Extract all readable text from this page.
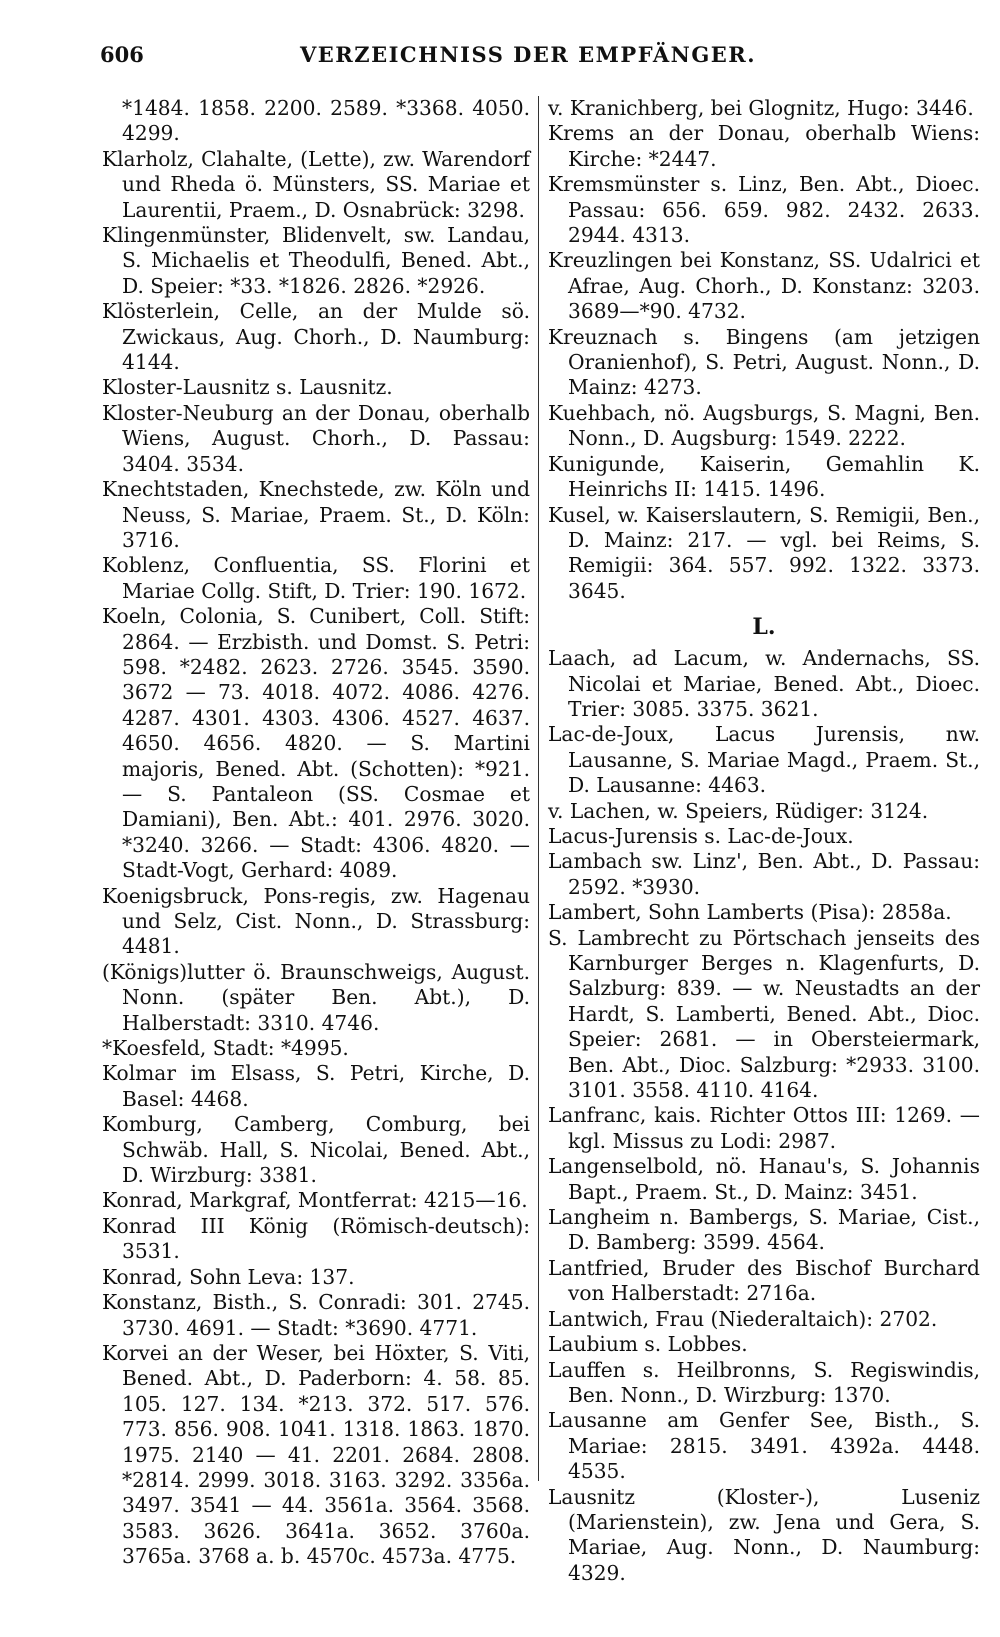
606	VERZEICHNISS DER EMPFÄNGER.

*1484. 1858. 2200. 2589. *3368. 4050. 4299.

Klarholz, Clahalte, (Lette), zw. Warendorf und Rheda ö. Münsters, SS. Mariae et Laurentii, Praem., D. Osnabrück: 3298.

Klingenmünster, Blidenvelt, sw. Landau, S. Michaelis et Theodulfi, Bened. Abt., D. Speier: *33. *1826. 2826. *2926.

Klösterlein, Celle, an der Mulde sö. Zwickaus, Aug. Chorh., D. Naumburg: 4144.

Kloster-Lausnitz s. Lausnitz.

Kloster-Neuburg an der Donau, oberhalb Wiens, August. Chorh., D. Passau: 3404. 3534.

Knechtstaden, Knechstede, zw. Köln und Neuss, S. Mariae, Praem. St., D. Köln: 3716.

Koblenz, Confluentia, SS. Florini et Mariae Collg. Stift, D. Trier: 190. 1672.

Koeln, Colonia, S. Cunibert, Coll. Stift: 2864. — Erzbisth. und Domst. S. Petri: 598. *2482. 2623. 2726. 3545. 3590. 3672 — 73. 4018. 4072. 4086. 4276. 4287. 4301. 4303. 4306. 4527. 4637. 4650. 4656. 4820. — S. Martini majoris, Bened. Abt. (Schotten): *921. — S. Pantaleon (SS. Cosmae et Damiani), Ben. Abt.: 401. 2976. 3020. *3240. 3266. — Stadt: 4306. 4820. — Stadt-Vogt, Gerhard: 4089.

Koenigsbruck, Pons-regis, zw. Hagenau und Selz, Cist. Nonn., D. Strassburg: 4481.

(Königs)lutter ö. Braunschweigs, August. Nonn. (später Ben. Abt.), D. Halberstadt: 3310. 4746.

*Koesfeld, Stadt: *4995.

Kolmar im Elsass, S. Petri, Kirche, D. Basel: 4468.

Komburg, Camberg, Comburg, bei Schwäb. Hall, S. Nicolai, Bened. Abt., D. Wirzburg: 3381.

Konrad, Markgraf, Montferrat: 4215—16.

Konrad III König (Römisch-deutsch): 3531.

Konrad, Sohn Leva: 137.

Konstanz, Bisth., S. Conradi: 301. 2745. 3730. 4691. — Stadt: *3690. 4771.

Korvei an der Weser, bei Höxter, S. Viti, Bened. Abt., D. Paderborn: 4. 58. 85. 105. 127. 134. *213. 372. 517. 576. 773. 856. 908. 1041. 1318. 1863. 1870. 1975. 2140 — 41. 2201. 2684. 2808. *2814. 2999. 3018. 3163. 3292. 3356a. 3497. 3541 — 44. 3561a. 3564. 3568. 3583. 3626. 3641a. 3652. 3760a. 3765a. 3768 a. b. 4570c. 4573a. 4775.

v. Kranichberg, bei Glognitz, Hugo: 3446.

Krems an der Donau, oberhalb Wiens: Kirche: *2447.

Kremsmünster s. Linz, Ben. Abt., Dioec. Passau: 656. 659. 982. 2432. 2633. 2944. 4313.

Kreuzlingen bei Konstanz, SS. Udalrici et Afrae, Aug. Chorh., D. Konstanz: 3203. 3689—*90. 4732.

Kreuznach s. Bingens (am jetzigen Oranienhof), S. Petri, August. Nonn., D. Mainz: 4273.

Kuehbach, nö. Augsburgs, S. Magni, Ben. Nonn., D. Augsburg: 1549. 2222.

Kunigunde, Kaiserin, Gemahlin K. Heinrichs II: 1415. 1496.

Kusel, w. Kaiserslautern, S. Remigii, Ben., D. Mainz: 217. — vgl. bei Reims, S. Remigii: 364. 557. 992. 1322. 3373. 3645.

L.

Laach, ad Lacum, w. Andernachs, SS. Nicolai et Mariae, Bened. Abt., Dioec. Trier: 3085. 3375. 3621.

Lac-de-Joux, Lacus Jurensis, nw. Lausanne, S. Mariae Magd., Praem. St., D. Lausanne: 4463.

v. Lachen, w. Speiers, Rüdiger: 3124.

Lacus-Jurensis s. Lac-de-Joux.

Lambach sw. Linz', Ben. Abt., D. Passau: 2592. *3930.

Lambert, Sohn Lamberts (Pisa): 2858a.

S. Lambrecht zu Pörtschach jenseits des Karnburger Berges n. Klagenfurts, D. Salzburg: 839. — w. Neustadts an der Hardt, S. Lamberti, Bened. Abt., Dioc. Speier: 2681. — in Obersteiermark, Ben. Abt., Dioc. Salzburg: *2933. 3100. 3101. 3558. 4110. 4164.

Lanfranc, kais. Richter Ottos III: 1269. — kgl. Missus zu Lodi: 2987.

Langenselbold, nö. Hanau's, S. Johannis Bapt., Praem. St., D. Mainz: 3451.

Langheim n. Bambergs, S. Mariae, Cist., D. Bamberg: 3599. 4564.

Lantfried, Bruder des Bischof Burchard von Halberstadt: 2716a.

Lantwich, Frau (Niederaltaich): 2702.

Laubium s. Lobbes.

Lauffen s. Heilbronns, S. Regiswindis, Ben. Nonn., D. Wirzburg: 1370.

Lausanne am Genfer See, Bisth., S. Mariae: 2815. 3491. 4392a. 4448. 4535.

Lausnitz (Kloster-), Luseniz (Marienstein), zw. Jena und Gera, S. Mariae, Aug. Nonn., D. Naumburg: 4329.
